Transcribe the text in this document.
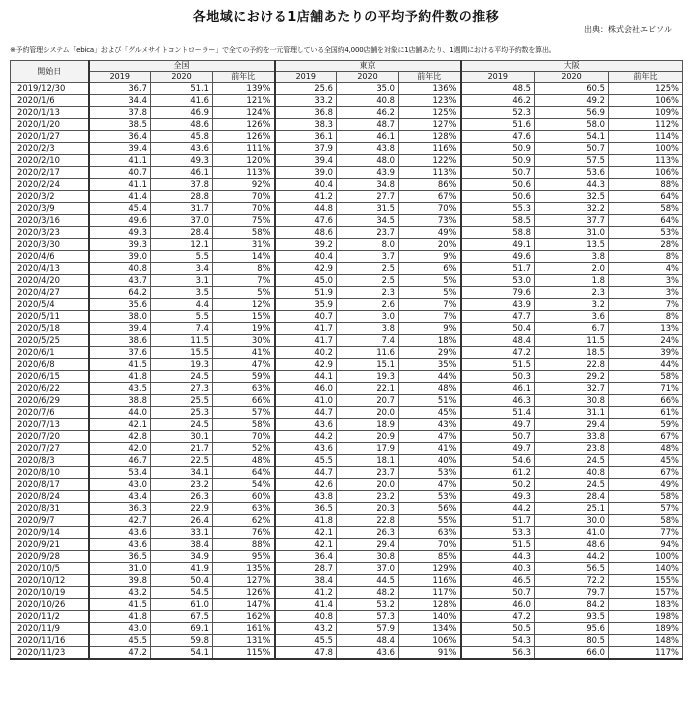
各地域における1店舗あたりの平均予約件数の推移
出典：株式会社エビソル
※予約管理システム「ebica」および「グルメサイトコントローラー」で全ての予約を一元管理している全国約4,000店舗を対象に1店舗あたり、1週間における平均予約数を算出。
開始日	全国			東京			大阪		
	2019	2020	前年比	2019	2020	前年比	2019	2020	前年比
2019/12/30	36.7	51.1	139%	25.6	35.0	136%	48.5	60.5	125%
2020/1/6	34.4	41.6	121%	33.2	40.8	123%	46.2	49.2	106%
2020/1/13	37.8	46.9	124%	36.8	46.2	125%	52.3	56.9	109%
2020/1/20	38.5	48.6	126%	38.3	48.7	127%	51.6	58.0	112%
2020/1/27	36.4	45.8	126%	36.1	46.1	128%	47.6	54.1	114%
2020/2/3	39.4	43.6	111%	37.9	43.8	116%	50.9	50.7	100%
2020/2/10	41.1	49.3	120%	39.4	48.0	122%	50.9	57.5	113%
2020/2/17	40.7	46.1	113%	39.0	43.9	113%	50.7	53.6	106%
2020/2/24	41.1	37.8	92%	40.4	34.8	86%	50.6	44.3	88%
2020/3/2	41.4	28.8	70%	41.2	27.7	67%	50.6	32.5	64%
2020/3/9	45.4	31.7	70%	44.8	31.5	70%	55.3	32.2	58%
2020/3/16	49.6	37.0	75%	47.6	34.5	73%	58.5	37.7	64%
2020/3/23	49.3	28.4	58%	48.6	23.7	49%	58.8	31.0	53%
2020/3/30	39.3	12.1	31%	39.2	8.0	20%	49.1	13.5	28%
2020/4/6	39.0	5.5	14%	40.4	3.7	9%	49.6	3.8	8%
2020/4/13	40.8	3.4	8%	42.9	2.5	6%	51.7	2.0	4%
2020/4/20	43.7	3.1	7%	45.0	2.5	5%	53.0	1.8	3%
2020/4/27	64.2	3.5	5%	51.9	2.3	5%	79.6	2.3	3%
2020/5/4	35.6	4.4	12%	35.9	2.6	7%	43.9	3.2	7%
2020/5/11	38.0	5.5	15%	40.7	3.0	7%	47.7	3.6	8%
2020/5/18	39.4	7.4	19%	41.7	3.8	9%	50.4	6.7	13%
2020/5/25	38.6	11.5	30%	41.7	7.4	18%	48.4	11.5	24%
2020/6/1	37.6	15.5	41%	40.2	11.6	29%	47.2	18.5	39%
2020/6/8	41.5	19.3	47%	42.9	15.1	35%	51.5	22.8	44%
2020/6/15	41.8	24.5	59%	44.1	19.3	44%	50.3	29.2	58%
2020/6/22	43.5	27.3	63%	46.0	22.1	48%	46.1	32.7	71%
2020/6/29	38.8	25.5	66%	41.0	20.7	51%	46.3	30.8	66%
2020/7/6	44.0	25.3	57%	44.7	20.0	45%	51.4	31.1	61%
2020/7/13	42.1	24.5	58%	43.6	18.9	43%	49.7	29.4	59%
2020/7/20	42.8	30.1	70%	44.2	20.9	47%	50.7	33.8	67%
2020/7/27	42.0	21.7	52%	43.6	17.9	41%	49.7	23.8	48%
2020/8/3	46.7	22.5	48%	45.5	18.1	40%	54.6	24.5	45%
2020/8/10	53.4	34.1	64%	44.7	23.7	53%	61.2	40.8	67%
2020/8/17	43.0	23.2	54%	42.6	20.0	47%	50.2	24.5	49%
2020/8/24	43.4	26.3	60%	43.8	23.2	53%	49.3	28.4	58%
2020/8/31	36.3	22.9	63%	36.5	20.3	56%	44.2	25.1	57%
2020/9/7	42.7	26.4	62%	41.8	22.8	55%	51.7	30.0	58%
2020/9/14	43.6	33.1	76%	42.1	26.3	63%	53.3	41.0	77%
2020/9/21	43.6	38.4	88%	42.1	29.4	70%	51.5	48.6	94%
2020/9/28	36.5	34.9	95%	36.4	30.8	85%	44.3	44.2	100%
2020/10/5	31.0	41.9	135%	28.7	37.0	129%	40.3	56.5	140%
2020/10/12	39.8	50.4	127%	38.4	44.5	116%	46.5	72.2	155%
2020/10/19	43.2	54.5	126%	41.2	48.2	117%	50.7	79.7	157%
2020/10/26	41.5	61.0	147%	41.4	53.2	128%	46.0	84.2	183%
2020/11/2	41.8	67.5	162%	40.8	57.3	140%	47.2	93.5	198%
2020/11/9	43.0	69.1	161%	43.2	57.9	134%	50.5	95.6	189%
2020/11/16	45.5	59.8	131%	45.5	48.4	106%	54.3	80.5	148%
2020/11/23	47.2	54.1	115%	47.8	43.6	91%	56.3	66.0	117%
